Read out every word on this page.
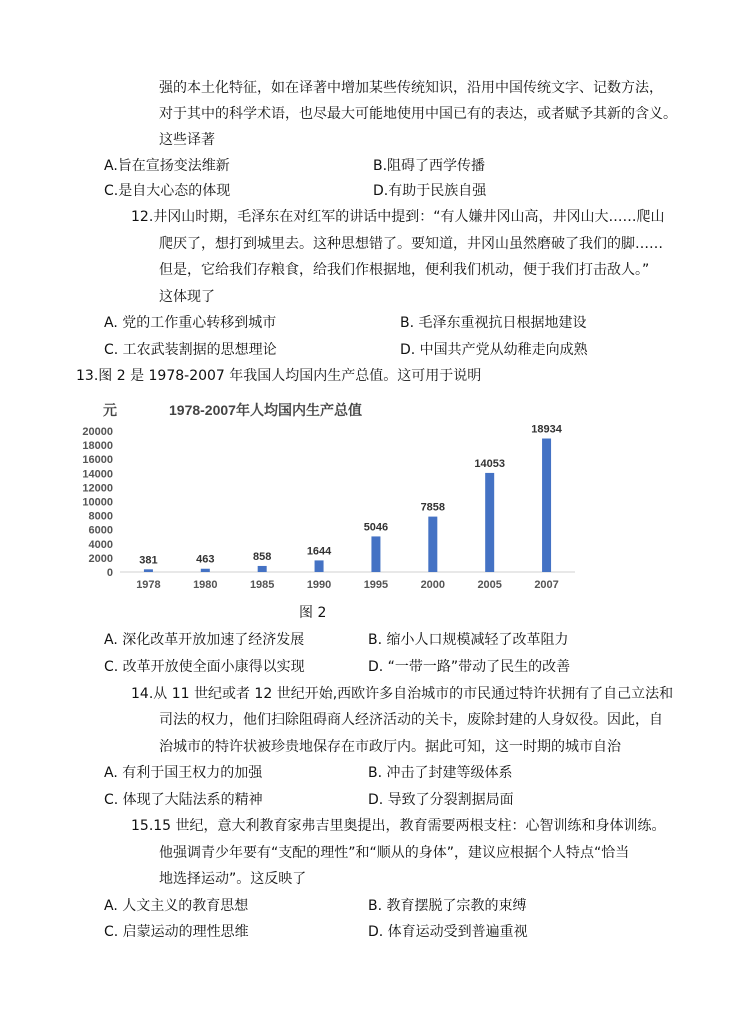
强的本土化特征，如在译著中增加某些传统知识，沿用中国传统文字、记数方法，
对于其中的科学术语，也尽最大可能地使用中国已有的表达，或者赋予其新的含义。
这些译著
A.旨在宣扬变法维新	B.阻碍了西学传播
C.是自大心态的体现	D.有助于民族自强
12.井冈山时期，毛泽东在对红军的讲话中提到：“有人嫌井冈山高，井冈山大……爬山
爬厌了，想打到城里去。这种思想错了。要知道，井冈山虽然磨破了我们的脚……
但是，它给我们存粮食，给我们作根据地，便利我们机动，便于我们打击敌人。”
这体现了
A. 党的工作重心转移到城市	B. 毛泽东重视抗日根据地建设
C. 工农武装割据的思想理论	D. 中国共产党从幼稚走向成熟
13.图 2 是 1978-2007 年我国人均国内生产总值。这可用于说明
元	1978-2007年人均国内生产总值
0
2000
4000
6000
8000
10000
12000
14000
16000
18000
20000
381	463	858	1644
5046
7858
14053
18934
1978	1980	1985	1990	1995	2000	2005	2007
图 2
A. 深化改革开放加速了经济发展	B. 缩小人口规模减轻了改革阻力
C. 改革开放使全面小康得以实现	D. “一带一路”带动了民生的改善
14.从 11 世纪或者 12 世纪开始,西欧许多自治城市的市民通过特许状拥有了自己立法和
司法的权力，他们扫除阻碍商人经济活动的关卡，废除封建的人身奴役。因此，自
治城市的特许状被珍贵地保存在市政厅内。据此可知，这一时期的城市自治
A. 有利于国王权力的加强	B. 冲击了封建等级体系
C. 体现了大陆法系的精神	D. 导致了分裂割据局面
15.15 世纪，意大利教育家弗吉里奥提出，教育需要两根支柱：心智训练和身体训练。
他强调青少年要有“支配的理性”和“顺从的身体”，建议应根据个人特点“恰当
地选择运动”。这反映了
A. 人文主义的教育思想	B. 教育摆脱了宗教的束缚
C. 启蒙运动的理性思维	D. 体育运动受到普遍重视
